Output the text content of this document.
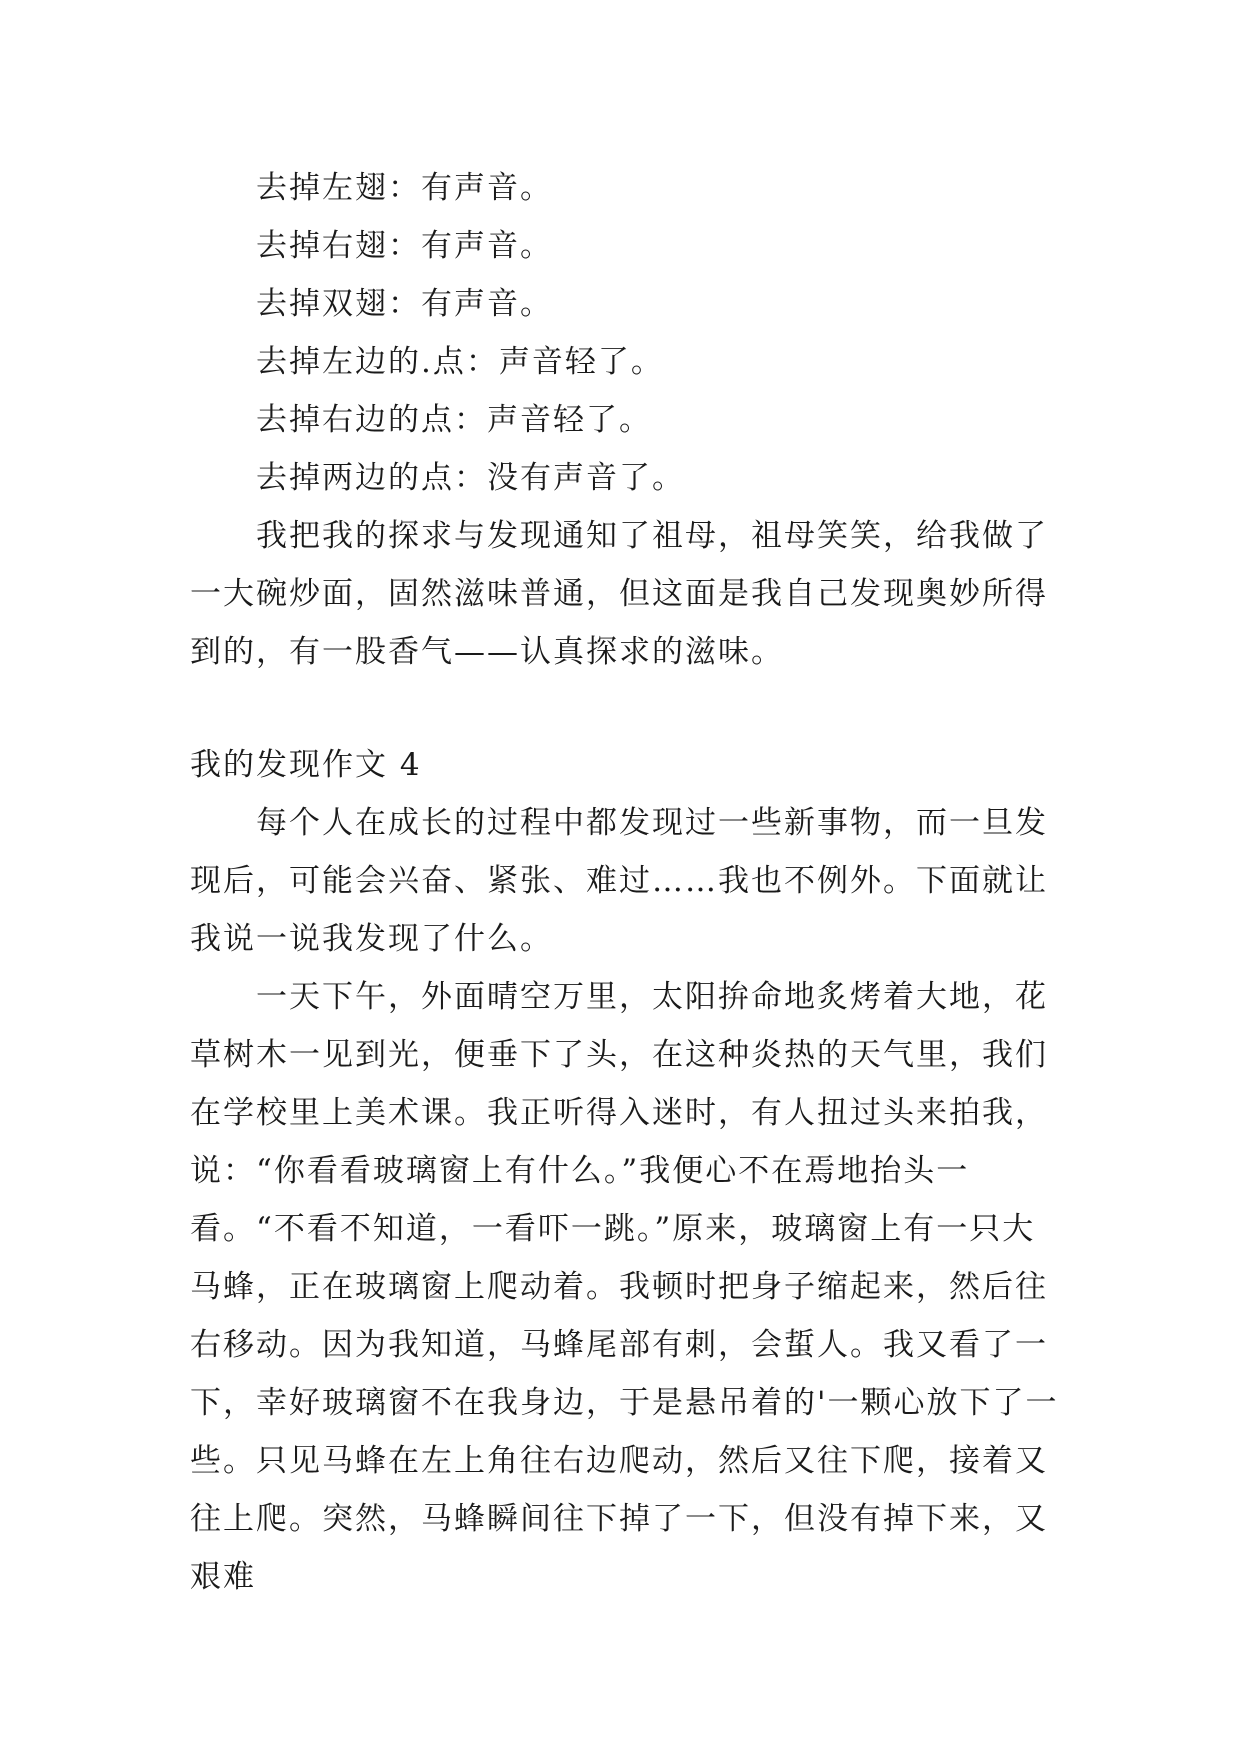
去掉左翅：有声音。

去掉右翅：有声音。

去掉双翅：有声音。

去掉左边的.点：声音轻了。

去掉右边的点：声音轻了。

去掉两边的点：没有声音了。

我把我的探求与发现通知了祖母，祖母笑笑，给我做了一大碗炒面，固然滋味普通，但这面是我自己发现奥妙所得到的，有一股香气——认真探求的滋味。

我的发现作文 4

每个人在成长的过程中都发现过一些新事物，而一旦发现后，可能会兴奋、紧张、难过……我也不例外。下面就让我说一说我发现了什么。

一天下午，外面晴空万里，太阳拚命地炙烤着大地，花草树木一见到光，便垂下了头，在这种炎热的天气里，我们在学校里上美术课。我正听得入迷时，有人扭过头来拍我，说：“你看看玻璃窗上有什么。”我便心不在焉地抬头一看。“不看不知道，一看吓一跳。”原来，玻璃窗上有一只大马蜂，正在玻璃窗上爬动着。我顿时把身子缩起来，然后往右移动。因为我知道，马蜂尾部有刺，会蜇人。我又看了一下，幸好玻璃窗不在我身边，于是悬吊着的'一颗心放下了一些。只见马蜂在左上角往右边爬动，然后又往下爬，接着又往上爬。突然，马蜂瞬间往下掉了一下，但没有掉下来，又艰难
